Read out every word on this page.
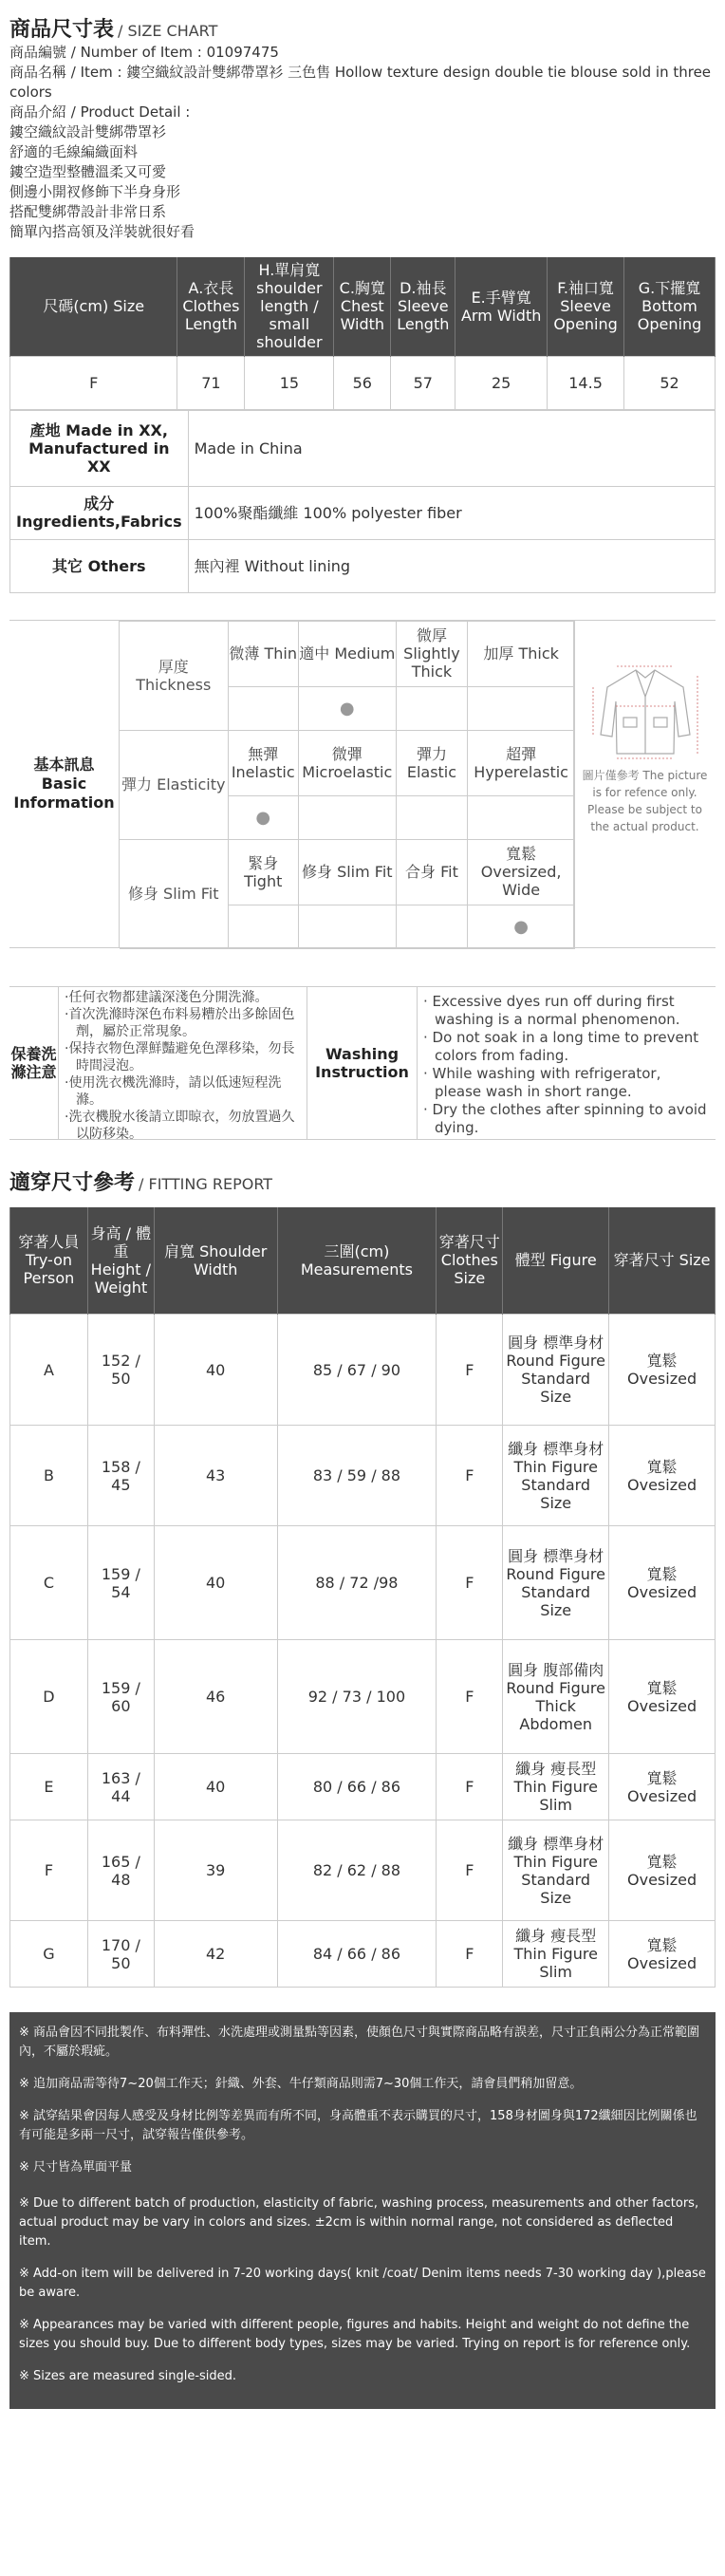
商品尺寸表 / SIZE CHART
商品編號 / Number of Item : 01097475
商品名稱 / Item : 鏤空織紋設計雙綁帶罩衫 三色售 Hollow texture design double tie blouse sold in three colors
商品介紹 / Product Detail :
鏤空織紋設計雙綁帶罩衫
舒適的毛線編織面料
鏤空造型整體溫柔又可愛
側邊小開衩修飾下半身身形
搭配雙綁帶設計非常日系
簡單內搭高領及洋裝就很好看
尺碼(cm) Size	A.衣長 Clothes Length	H.單肩寬 shoulder length / small shoulder	C.胸寬 Chest Width	D.袖長 Sleeve Length	E.手臂寬 Arm Width	F.袖口寬 Sleeve Opening	G.下擺寬 Bottom Opening
F	71	15	56	57	25	14.5	52
產地 Made in XX, Manufactured in XX	Made in China
成分 Ingredients,Fabrics	100%聚酯纖維 100% polyester fiber
其它 Others	無內裡 Without lining
基本訊息 Basic Information
厚度 Thickness	微薄 Thin	適中 Medium	微厚 Slightly Thick	加厚 Thick
		●		
彈力 Elasticity	無彈 Inelastic	微彈 Microelastic	彈力 Elastic	超彈 Hyperelastic
	●			
修身 Slim Fit	緊身 Tight	修身 Slim Fit	合身 Fit	寬鬆 Oversized, Wide
				●
圖片僅參考 The picture is for refence only. Please be subject to the actual product.
保養洗滌注意
·任何衣物都建議深淺色分開洗滌。
·首次洗滌時深色布料易糟於出多餘固色劑，屬於正常現象。
·保持衣物色澤鮮豔避免色澤移染，勿長時間浸泡。
·使用洗衣機洗滌時，請以低速短程洗滌。
·洗衣機脫水後請立即晾衣，勿放置過久以防移染。
Washing Instruction
· Excessive dyes run off during first washing is a normal phenomenon.
· Do not soak in a long time to prevent colors from fading.
· While washing with refrigerator, please wash in short range.
· Dry the clothes after spinning to avoid dying.
適穿尺寸參考 / FITTING REPORT
穿著人員 Try-on Person	身高 / 體重 Height / Weight	肩寬 Shoulder Width	三圍(cm) Measurements	穿著尺寸 Clothes Size	體型 Figure	穿著尺寸 Size
A	152 / 50	40	85 / 67 / 90	F	圓身 標準身材 Round Figure Standard Size	寬鬆 Ovesized
B	158 / 45	43	83 / 59 / 88	F	纖身 標準身材 Thin Figure Standard Size	寬鬆 Ovesized
C	159 / 54	40	88 / 72 /98	F	圓身 標準身材 Round Figure Standard Size	寬鬆 Ovesized
D	159 / 60	46	92 / 73 / 100	F	圓身 腹部備肉 Round Figure Thick Abdomen	寬鬆 Ovesized
E	163 / 44	40	80 / 66 / 86	F	纖身 瘦長型 Thin Figure Slim	寬鬆 Ovesized
F	165 / 48	39	82 / 62 / 88	F	纖身 標準身材 Thin Figure Standard Size	寬鬆 Ovesized
G	170 / 50	42	84 / 66 / 86	F	纖身 瘦長型 Thin Figure Slim	寬鬆 Ovesized

※ 商品會因不同批製作、布料彈性、水洗處理或測量點等因素，使顏色尺寸與實際商品略有誤差，尺寸正負兩公分為正常範圍內，不屬於瑕疵。

※ 追加商品需等待7~20個工作天；針織、外套、牛仔類商品則需7~30個工作天，請會員們稍加留意。

※ 試穿結果會因每人感受及身材比例等差異而有所不同，身高體重不表示購買的尺寸，158身材圖身與172纖細因比例關係也有可能是多兩一尺寸，試穿報告僅供參考。

※ 尺寸皆為單面平量

※ Due to different batch of production, elasticity of fabric, washing process, measurements and other factors, actual product may be vary in colors and sizes. ±2cm is within normal range, not considered as deflected item.

※ Add-on item will be delivered in 7-20 working days( knit /coat/ Denim items needs 7-30 working day ),please be aware.

※ Appearances may be varied with different people, figures and habits. Height and weight do not define the sizes you should buy. Due to different body types, sizes may be varied. Trying on report is for reference only.

※ Sizes are measured single-sided.
